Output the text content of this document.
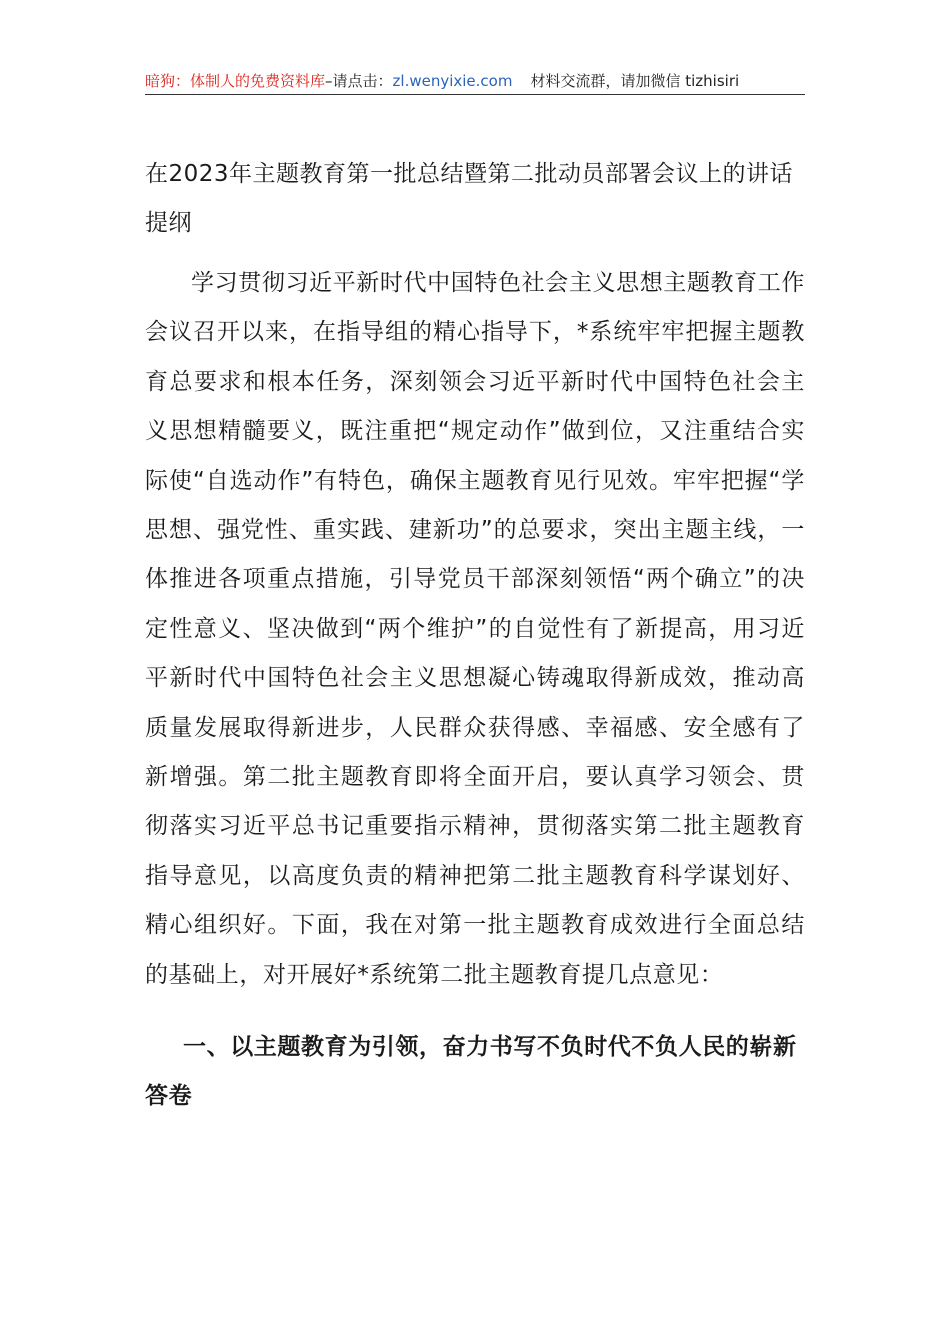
暗狗：体制人的免费资料库–请点击：zl.wenyixie.com 材料交流群，请加微信 tizhisiri
在2023年主题教育第一批总结暨第二批动员部署会议上的讲话提纲

学习贯彻习近平新时代中国特色社会主义思想主题教育工作会议召开以来，在指导组的精心指导下，*系统牢牢把握主题教育总要求和根本任务，深刻领会习近平新时代中国特色社会主义思想精髓要义，既注重把“规定动作”做到位，又注重结合实际使“自选动作”有特色，确保主题教育见行见效。牢牢把握“学思想、强党性、重实践、建新功”的总要求，突出主题主线，一体推进各项重点措施，引导党员干部深刻领悟“两个确立”的决定性意义、坚决做到“两个维护”的自觉性有了新提高，用习近平新时代中国特色社会主义思想凝心铸魂取得新成效，推动高质量发展取得新进步，人民群众获得感、幸福感、安全感有了新增强。第二批主题教育即将全面开启，要认真学习领会、贯彻落实习近平总书记重要指示精神，贯彻落实第二批主题教育指导意见，以高度负责的精神把第二批主题教育科学谋划好、精心组织好。下面，我在对第一批主题教育成效进行全面总结的基础上，对开展好*系统第二批主题教育提几点意见：

一、以主题教育为引领，奋力书写不负时代不负人民的崭新答卷
